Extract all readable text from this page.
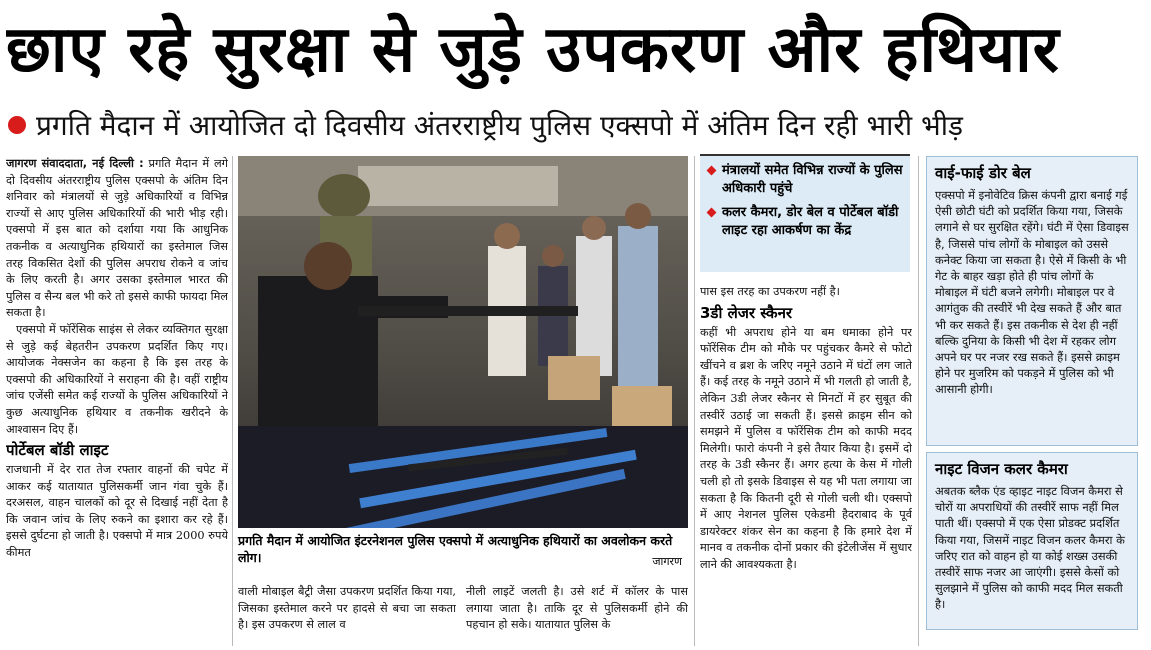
छाए रहे सुरक्षा से जुड़े उपकरण और हथियार
प्रगति मैदान में आयोजित दो दिवसीय अंतरराष्ट्रीय पुलिस एक्सपो में अंतिम दिन रही भारी भीड़

जागरण संवाददाता, नई दिल्ली : प्रगति मैदान में लगे दो दिवसीय अंतरराष्ट्रीय पुलिस एक्सपो के अंतिम दिन शनिवार को मंत्रालयों से जुड़े अधिकारियों व विभिन्न राज्यों से आए पुलिस अधिकारियों की भारी भीड़ रही। एक्सपो में इस बात को दर्शाया गया कि आधुनिक तकनीक व अत्याधुनिक हथियारों का इस्तेमाल जिस तरह विकसित देशों की पुलिस अपराध रोकने व जांच के लिए करती है। अगर उसका इस्तेमाल भारत की पुलिस व सैन्य बल भी करे तो इससे काफी फायदा मिल सकता है।

एक्सपो में फॉरेंसिक साइंस से लेकर व्यक्तिगत सुरक्षा से जुड़े कई बेहतरीन उपकरण प्रदर्शित किए गए। आयोजक नेक्सजेन का कहना है कि इस तरह के एक्सपो की अधिकारियों ने सराहना की है। वहीं राष्ट्रीय जांच एजेंसी समेत कई राज्यों के पुलिस अधिकारियों ने कुछ अत्याधुनिक हथियार व तकनीक खरीदने के आश्वासन दिए हैं।

पोर्टेबल बॉडी लाइट

राजधानी में देर रात तेज रफ्तार वाहनों की चपेट में आकर कई यातायात पुलिसकर्मी जान गंवा चुके हैं। दरअसल, वाहन चालकों को दूर से दिखाई नहीं देता है कि जवान जांच के लिए रुकने का इशारा कर रहे हैं। इससे दुर्घटना हो जाती है। एक्सपो में मात्र 2000 रुपये कीमत

प्रगति मैदान में आयोजित इंटरनेशनल पुलिस एक्सपो में अत्याधुनिक हथियारों का अवलोकन करते लोग।	जागरण

वाली मोबाइल बैट्री जैसा उपकरण प्रदर्शित किया गया, जिसका इस्तेमाल करने पर हादसे से बचा जा सकता है। इस उपकरण से लाल व

नीली लाइटें जलती है। उसे शर्ट में कॉलर के पास लगाया जाता है। ताकि दूर से पुलिसकर्मी होने की पहचान हो सके। यातायात पुलिस के

मंत्रालयों समेत विभिन्न राज्यों के पुलिस अधिकारी पहुंचे
कलर कैमरा, डोर बेल व पोर्टेबल बॉडी लाइट रहा आकर्षण का केंद्र

पास इस तरह का उपकरण नहीं है।

3डी लेजर स्कैनर

कहीं भी अपराध होने या बम धमाका होने पर फॉरेंसिक टीम को मौके पर पहुंचकर कैमरे से फोटो खींचने व ब्रश के जरिए नमूने उठाने में घंटों लग जाते हैं। कई तरह के नमूने उठाने में भी गलती हो जाती है, लेकिन 3डी लेजर स्कैनर से मिनटों में हर सुबूत की तस्वीरें उठाई जा सकती हैं। इससे क्राइम सीन को समझने में पुलिस व फॉरेंसिक टीम को काफी मदद मिलेगी। फारो कंपनी ने इसे तैयार किया है। इसमें दो तरह के 3डी स्कैनर हैं। अगर हत्या के केस में गोली चली हो तो इसके डिवाइस से यह भी पता लगाया जा सकता है कि कितनी दूरी से गोली चली थी। एक्सपो में आए नेशनल पुलिस एकेडमी हैदराबाद के पूर्व डायरेक्टर शंकर सेन का कहना है कि हमारे देश में मानव व तकनीक दोनों प्रकार की इंटेलीजेंस में सुधार लाने की आवश्यकता है।

वाई-फाई डोर बेल

एक्सपो में इनोवेटिव क्रिस कंपनी द्वारा बनाई गई ऐसी छोटी घंटी को प्रदर्शित किया गया, जिसके लगाने से घर सुरक्षित रहेंगे। घंटी में ऐसा डिवाइस है, जिससे पांच लोगों के मोबाइल को उससे कनेक्ट किया जा सकता है। ऐसे में किसी के भी गेट के बाहर खड़ा होते ही पांच लोगों के मोबाइल में घंटी बजने लगेगी। मोबाइल पर वे आगंतुक की तस्वीरें भी देख सकते हैं और बात भी कर सकते हैं। इस तकनीक से देश ही नहीं बल्कि दुनिया के किसी भी देश में रहकर लोग अपने घर पर नजर रख सकते हैं। इससे क्राइम होने पर मुजरिम को पकड़ने में पुलिस को भी आसानी होगी।

नाइट विजन कलर कैमरा

अबतक ब्लैक एंड व्हाइट नाइट विजन कैमरा से चोरों या अपराधियों की तस्वीरें साफ नहीं मिल पाती थीं। एक्सपो में एक ऐसा प्रोडक्ट प्रदर्शित किया गया, जिसमें नाइट विजन कलर कैमरा के जरिए रात को वाहन हो या कोई शख्स उसकी तस्वीरें साफ नजर आ जाएंगी। इससे केसों को सुलझाने में पुलिस को काफी मदद मिल सकती है।
